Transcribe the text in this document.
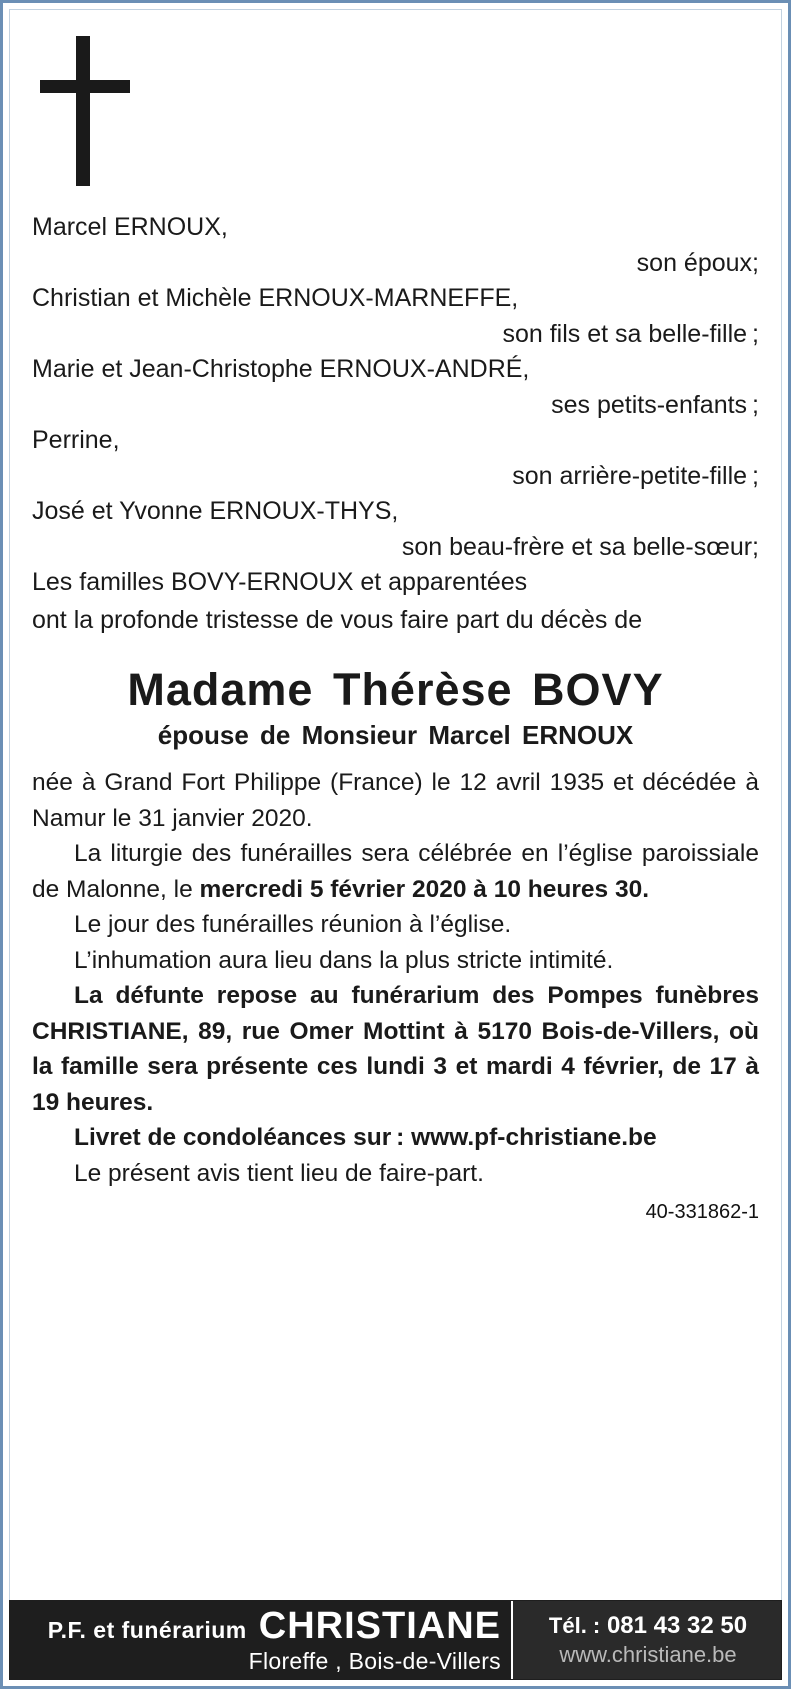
Marcel ERNOUX,
son époux;
Christian et Michèle ERNOUX-MARNEFFE,
son fils et sa belle-fille ;
Marie et Jean-Christophe ERNOUX-ANDRÉ,
ses petits-enfants ;
Perrine,
son arrière-petite-fille ;
José et Yvonne ERNOUX-THYS,
son beau-frère et sa belle-sœur;
Les familles BOVY-ERNOUX et apparentées
ont la profonde tristesse de vous faire part du décès de
Madame Thérèse BOVY
épouse de Monsieur Marcel ERNOUX

née à Grand Fort Philippe (France) le 12 avril 1935 et décédée à Namur le 31 janvier 2020.

La liturgie des funérailles sera célébrée en l’église paroissiale de Malonne, le mercredi 5 février 2020 à 10 heures 30.

Le jour des funérailles réunion à l’église.

L’inhumation aura lieu dans la plus stricte intimité.

La défunte repose au funérarium des Pompes funèbres CHRISTIANE, 89, rue Omer Mottint à 5170 Bois-de-Villers, où la famille sera présente ces lundi 3 et mardi 4 février, de 17 à 19 heures.

Livret de condoléances sur : www.pf-christiane.be

Le présent avis tient lieu de faire-part.

40-331862-1
P.F. et funérarium CHRISTIANE
Floreffe , Bois-de-Villers
Tél. : 081 43 32 50
www.christiane.be
